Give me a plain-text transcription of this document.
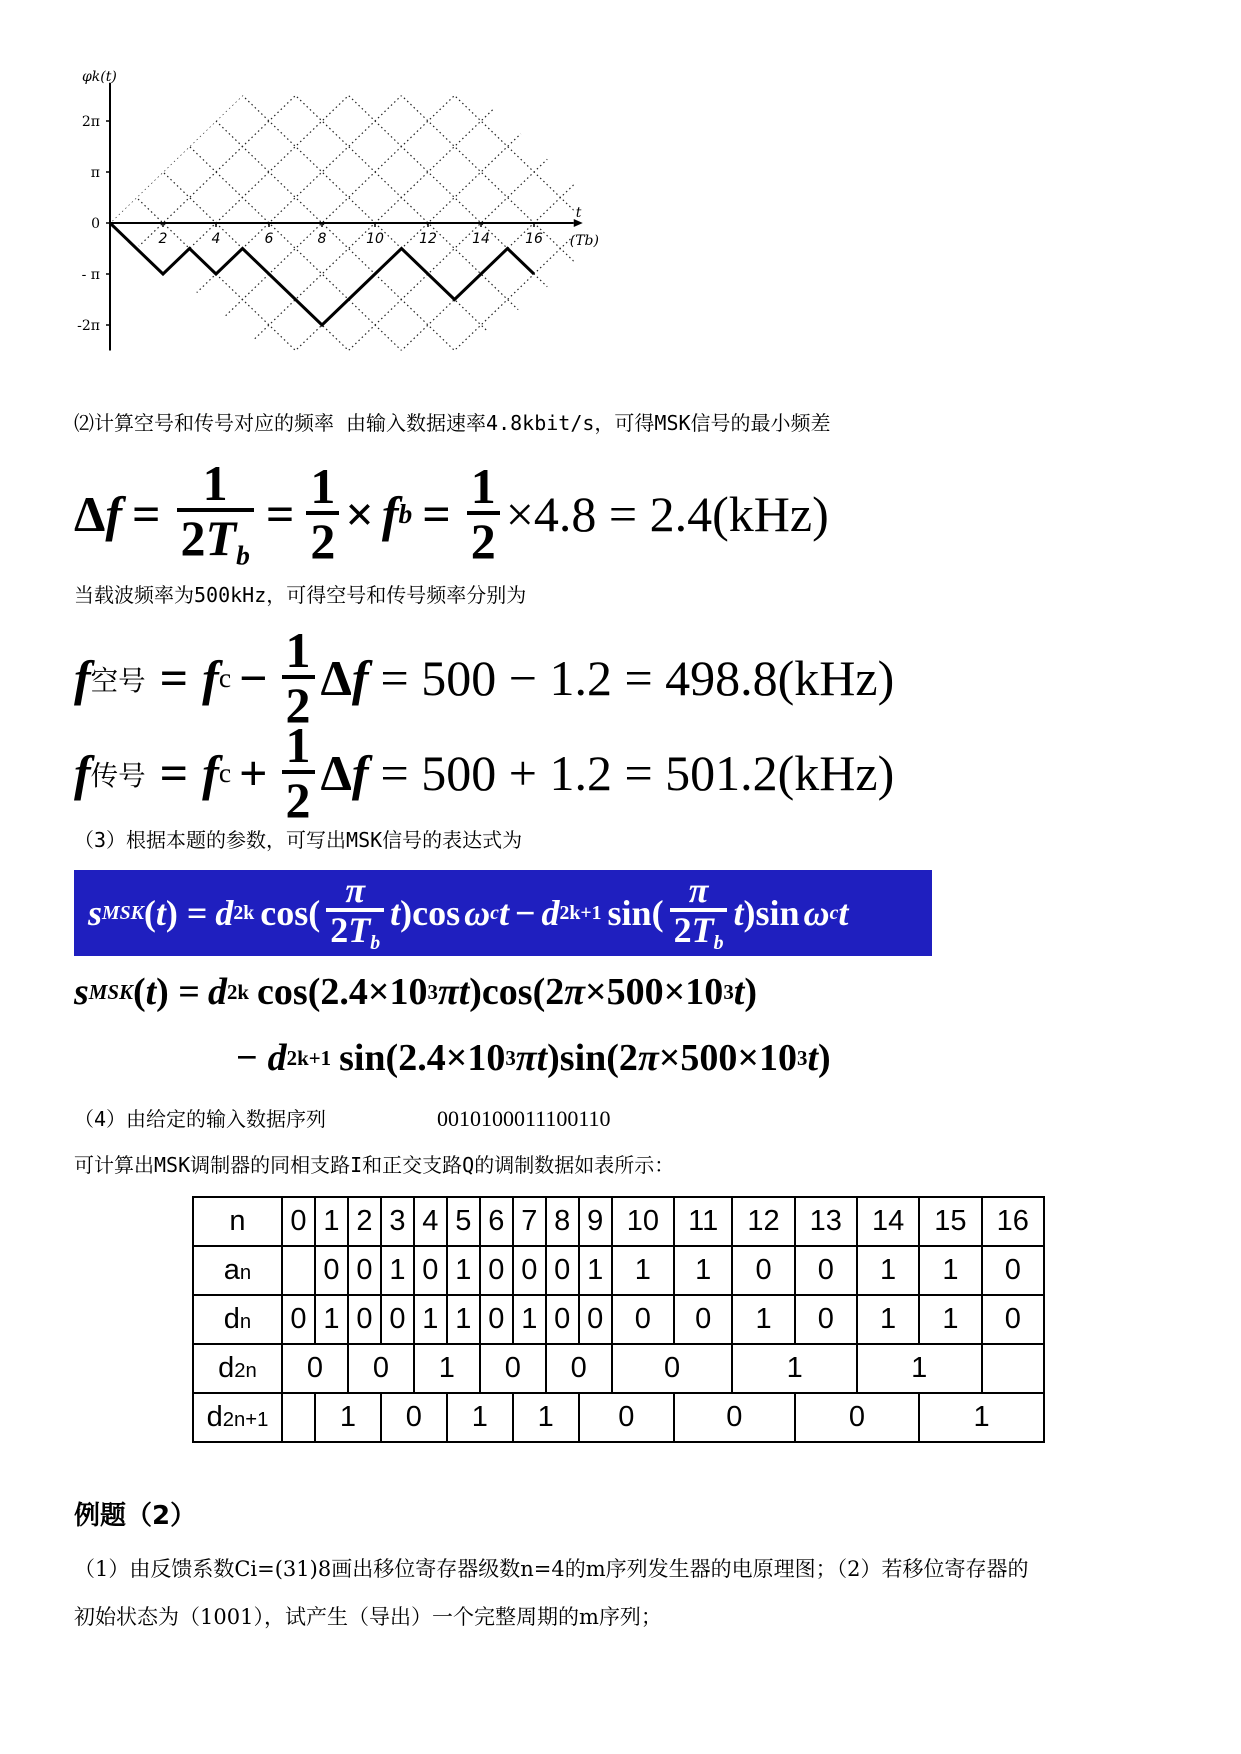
φk(t)
t
(Tb)
2	4	6	8	10	12	14	16
2π
π
0
- π
-2π
⑵计算空号和传号对应的频率 由输入数据速率4.8kbit/s，可得MSK信号的最小频差
Δ $f = \frac{1}{2T_b} = \frac{1}{2} \times f$ $b = \frac{1}{2} \times 4.8 = 2.4(kHz)$
当载波频率为500kHz，可得空号和传号频率分别为
f 空号 = f $c - \frac{1}{2}$ Δ f = 500 − 1.2 = 498.8(kHz)
f 传号 = f $c + \frac{1}{2}$ Δ f = 500 + 1.2 = 501.2(kHz)
（3）根据本题的参数，可写出MSK信号的表达式为
s MSK ( t ) = d 2k $\cos( \frac{\pi}{2T_b}$ t )cos ω c t − d 2k+1 $\sin( \frac{\pi}{2T_b}$ t )sin ω c t
s MSK ( t ) = d 2k cos(2.4×10 3 πt )cos(2 π ×500×10 3 t )
− d 2k+1 sin(2.4×10 3 πt )sin(2 π ×500×10 3 t )
（4）由给定的输入数据序列	0010100011100110
可计算出MSK调制器的同相支路I和正交支路Q的调制数据如表所示：
n	0	1	2	3	4	5	6	7	8	9	10	11	12	13	14	15	16
an		0	0	1	0	1	0	0	0	1	1	1	0	0	1	1	0
dn	0	1	0	0	1	1	0	1	0	0	0	0	1	0	1	1	0
d2n	0		0		1		0		0		0		1		1		
d2n+1		1		0		1		1		0		0		0		1	
例题（2）
（1）由反馈系数Ci=(31)8画出移位寄存器级数n=4的m序列发生器的电原理图；（2）若移位寄存器的
初始状态为（1001），试产生（导出）一个完整周期的m序列；
